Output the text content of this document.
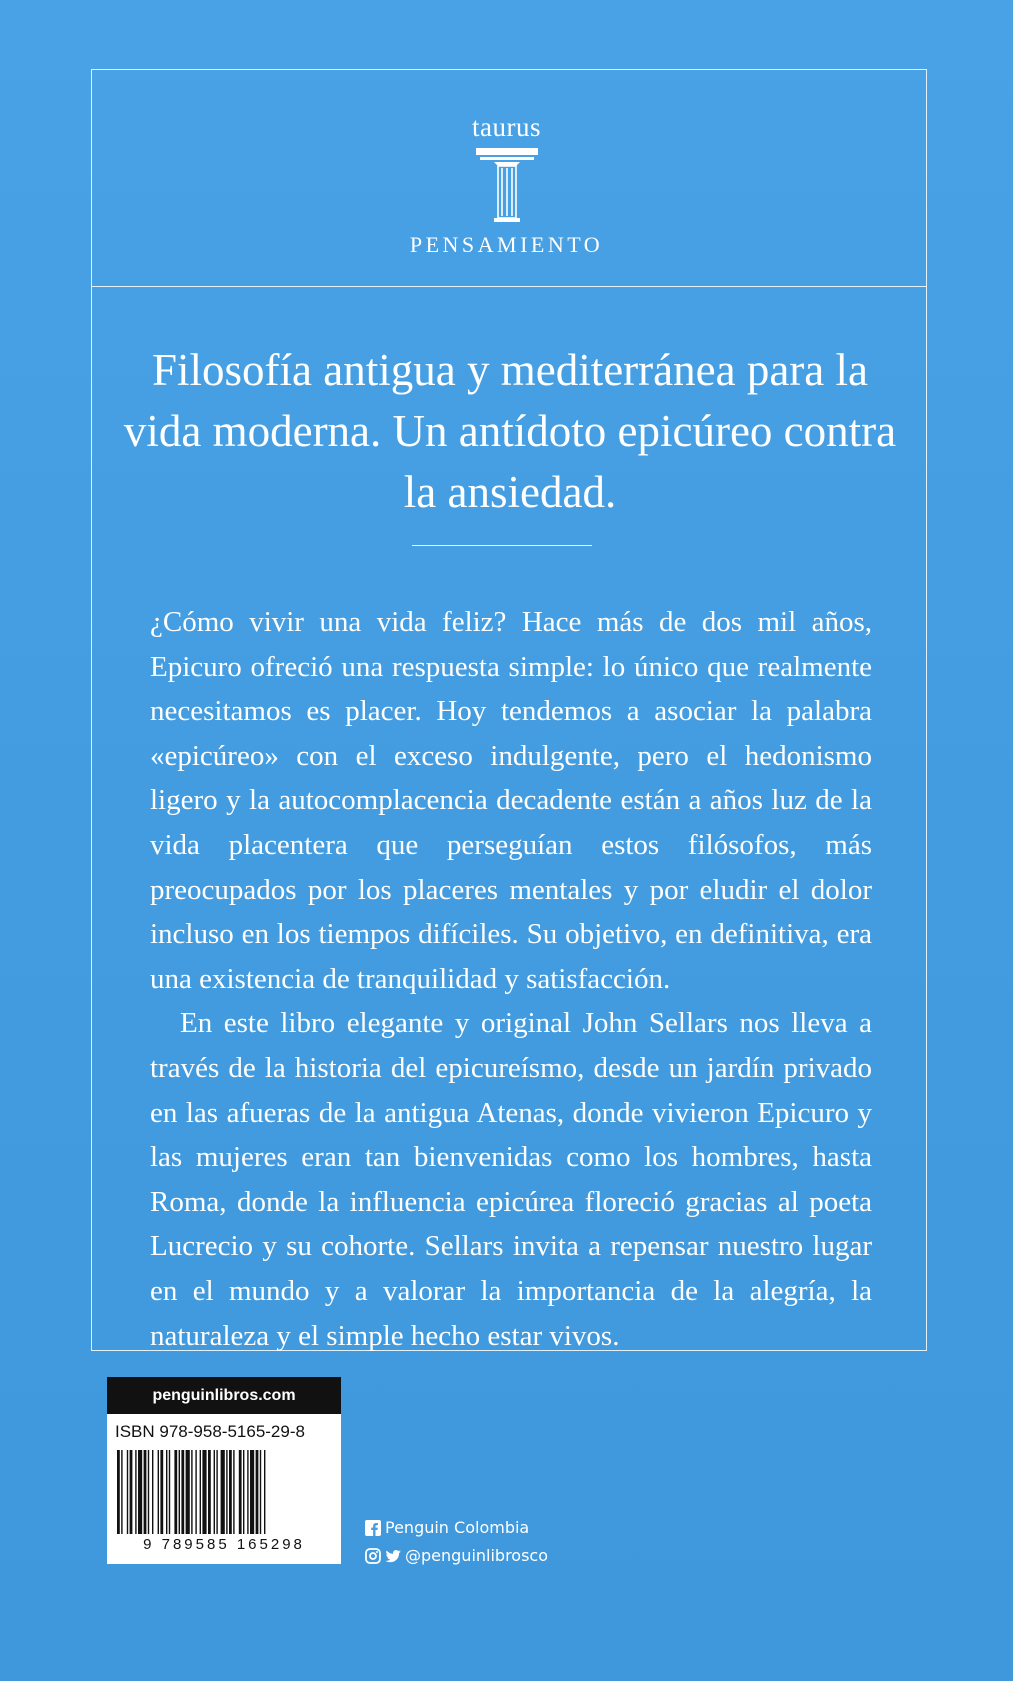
taurus
PENSAMIENTO
Filosofía antigua y mediterránea para la vida moderna. Un antídoto epicúreo contra la ansiedad.

¿Cómo vivir una vida feliz? Hace más de dos mil años, Epicuro ofreció una respuesta simple: lo único que realmente necesitamos es placer. Hoy tendemos a asociar la palabra «epicúreo» con el exceso indulgente, pero el hedonismo ligero y la autocomplacencia decadente están a años luz de la vida placentera que perseguían estos filósofos, más preocupados por los placeres mentales y por eludir el dolor incluso en los tiempos difíciles. Su objetivo, en definitiva, era una existencia de tranquilidad y satisfacción.

En este libro elegante y original John Sellars nos lleva a través de la historia del epicureísmo, desde un jardín privado en las afueras de la antigua Atenas, donde vivieron Epicuro y las mujeres eran tan bienvenidas como los hombres, hasta Roma, donde la influencia epicúrea floreció gracias al poeta Lucrecio y su cohorte. Sellars invita a repensar nuestro lugar en el mundo y a valorar la importancia de la alegría, la naturaleza y el simple hecho estar vivos.

penguinlibros.com
ISBN 978-958-5165-29-8
9 789585 165298
Penguin Colombia
@penguinlibrosco
